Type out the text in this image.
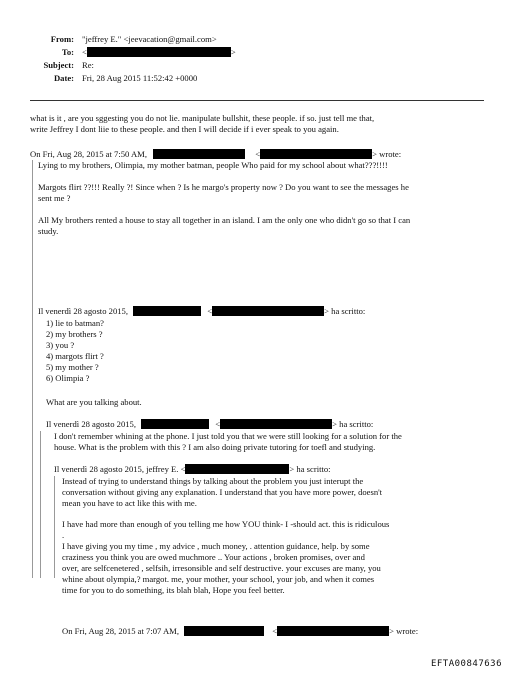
From: "jeffrey E." <jeevacation@gmail.com>
To: <	>
Subject: Re:
Date: Fri, 28 Aug 2015 11:52:42 +0000
what is it , are you sggesting you do not lie. manipulate bullshit, these people. if so. just tell me that,
write Jeffrey I dont liie to these people. and then I will decide if i ever speak to you again.
On Fri, Aug 28, 2015 at 7:50 AM,	<	> wrote:
Lying to my brothers, Olimpia, my mother batman, people Who paid for my school about what???!!!!
Margots flirt ??!!! Really ?! Since when ? Is he margo's property now ? Do you want to see the messages he
sent me ?
All My brothers rented a house to stay all together in an island. I am the only one who didn't go so that I can
study.
Il venerdì 28 agosto 2015,	<	> ha scritto:
1) lie to batman?
2) my brothers ?
3) you ?
4) margots flirt ?
5) my mother ?
6) Olimpia ?
What are you talking about.
Il venerdì 28 agosto 2015,	<	> ha scritto:
I don't remember whining at the phone. I just told you that we were still looking for a solution for the
house. What is the problem with this ? I am also doing private tutoring for toefl and studying.
Il venerdì 28 agosto 2015, jeffrey E. <	> ha scritto:
Instead of trying to understand things by talking about the problem you just interupt the
conversation without giving any explanation. I understand that you have more power, doesn't
mean you have to act like this with me.
I have had more than enough of you telling me how YOU think- I -should act. this is ridiculous
.
I have giving you my time , my advice , much money, . attention guidance, help. by some
craziness you think you are owed muchmore .. Your actions , broken promises, over and
over, are selfcenetered , selfsih, irresonsible and self destructive. your excuses are many, you
whine about olympia,? margot. me, your mother, your school, your job, and when it comes
time for you to do something, its blah blah, Hope you feel better.
On Fri, Aug 28, 2015 at 7:07 AM,	<	> wrote:
EFTA00847636
